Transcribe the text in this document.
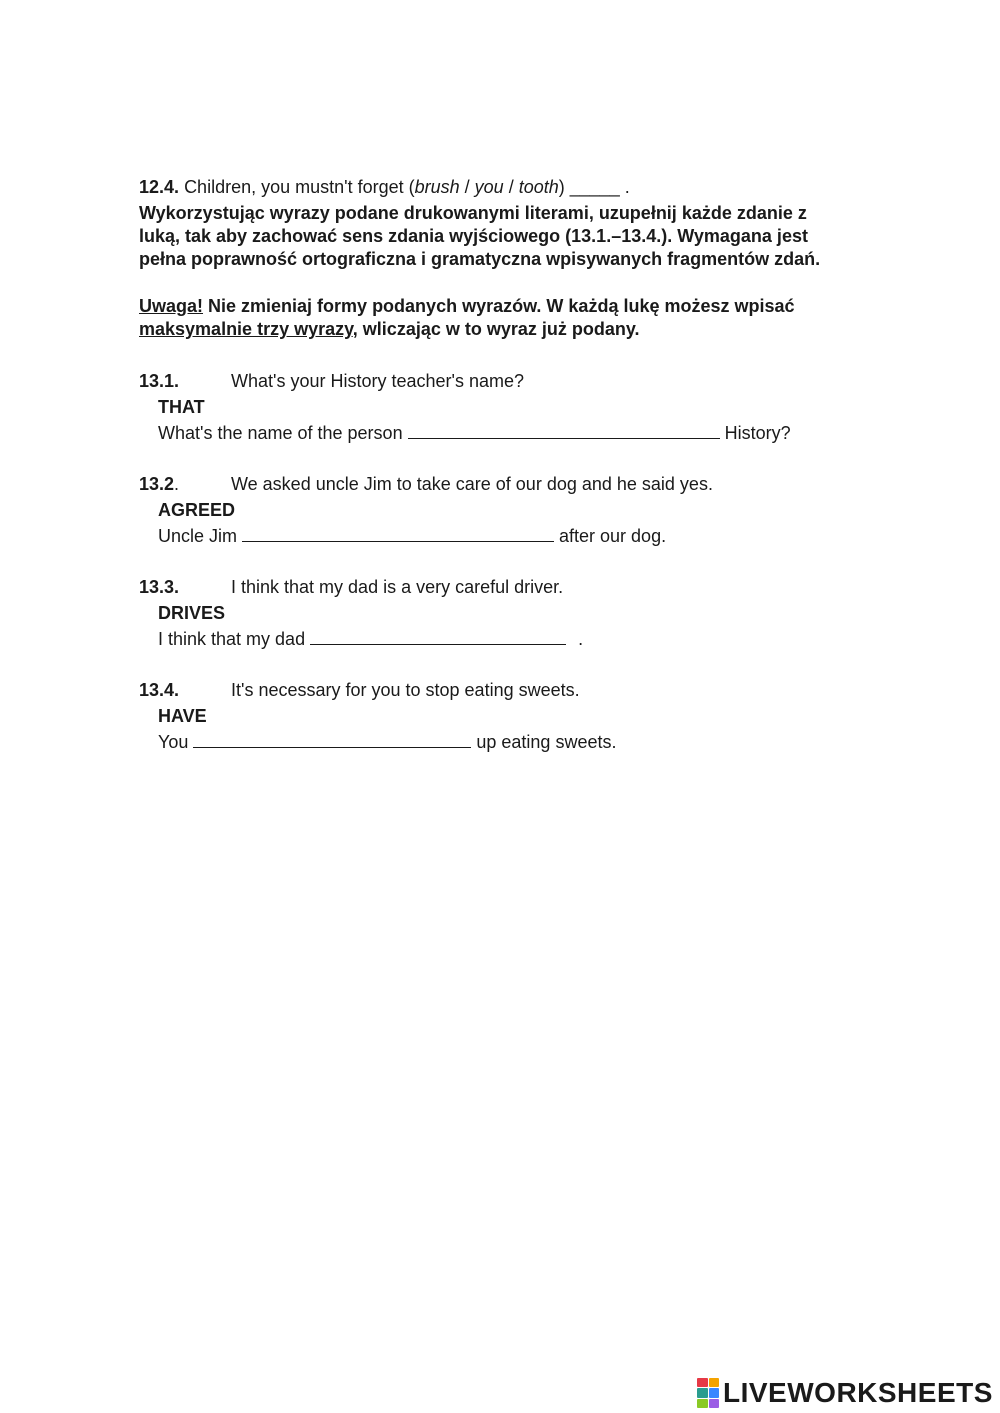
12.4. Children, you mustn't forget (brush / you / tooth) _____ .
Wykorzystując wyrazy podane drukowanymi literami, uzupełnij każde zdanie z
luką, tak aby zachować sens zdania wyjściowego (13.1.–13.4.). Wymagana jest
pełna poprawność ortograficzna i gramatyczna wpisywanych fragmentów zdań.
Uwaga! Nie zmieniaj formy podanych wyrazów. W każdą lukę możesz wpisać
maksymalnie trzy wyrazy, wliczając w to wyraz już podany.
13.1.	What's your History teacher's name?
THAT
What's the name of the person	History?
13.2.	We asked uncle Jim to take care of our dog and he said yes.
AGREED
Uncle Jim	after our dog.
13.3.	I think that my dad is a very careful driver.
DRIVES
I think that my dad	.
13.4.	It's necessary for you to stop eating sweets.
HAVE
You	up eating sweets.
LIVEWORKSHEETS
